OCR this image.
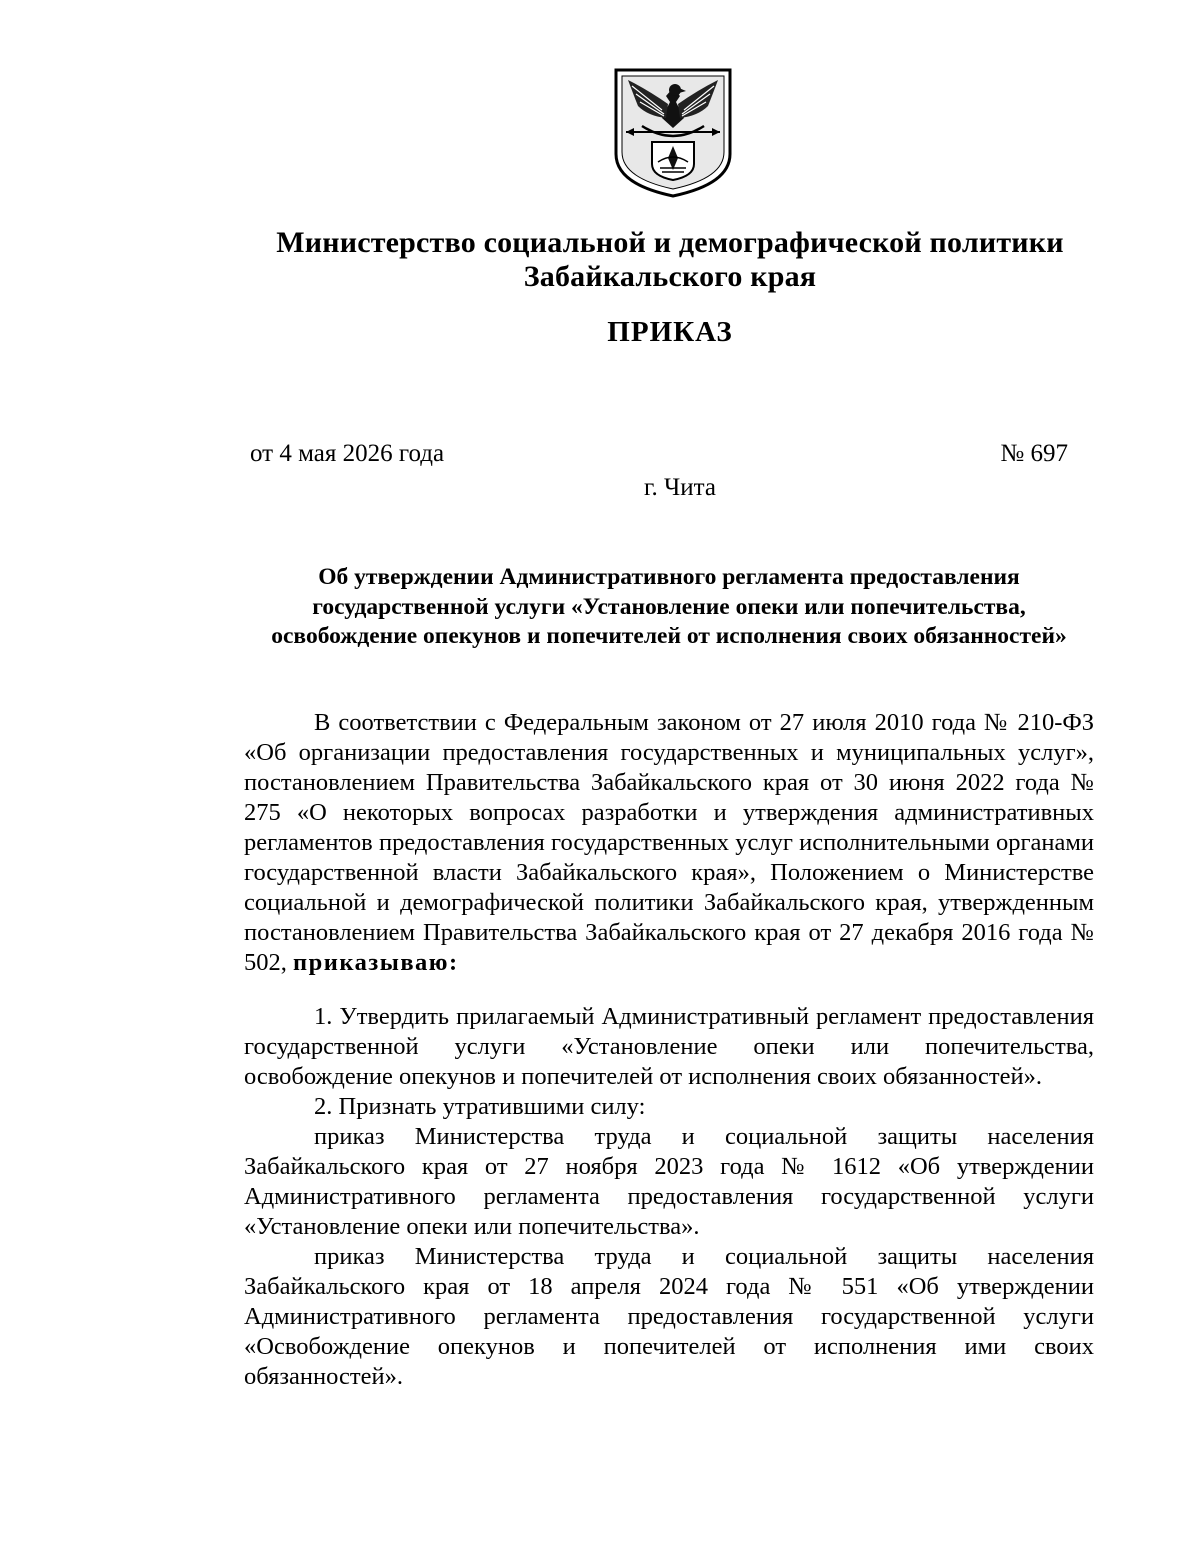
Министерство социальной и демографической политики
Забайкальского края
ПРИКАЗ
от 4 мая 2026 года	№ 697
г. Чита
Об утверждении Административного регламента предоставления государственной услуги «Установление опеки или попечительства, освобождение опекунов и попечителей от исполнения своих обязанностей»

В соответствии с Федеральным законом от 27 июля 2010 года № 210-ФЗ «Об организации предоставления государственных и муниципальных услуг», постановлением Правительства Забайкальского края от 30 июня 2022 года № 275 «О некоторых вопросах разработки и утверждения административных регламентов предоставления государственных услуг исполнительными органами государственной власти Забайкальского края», Положением о Министерстве социальной и демографической политики Забайкальского края, утвержденным постановлением Правительства Забайкальского края от 27 декабря 2016 года № 502, приказываю:

1. Утвердить прилагаемый Административный регламент предоставления государственной услуги «Установление опеки или попечительства, освобождение опекунов и попечителей от исполнения своих обязанностей».

2. Признать утратившими силу:

приказ Министерства труда и социальной защиты населения Забайкальского края от 27 ноября 2023 года № 1612 «Об утверждении Административного регламента предоставления государственной услуги «Установление опеки или попечительства».

приказ Министерства труда и социальной защиты населения Забайкальского края от 18 апреля 2024 года № 551 «Об утверждении Административного регламента предоставления государственной услуги «Освобождение опекунов и попечителей от исполнения ими своих обязанностей».
